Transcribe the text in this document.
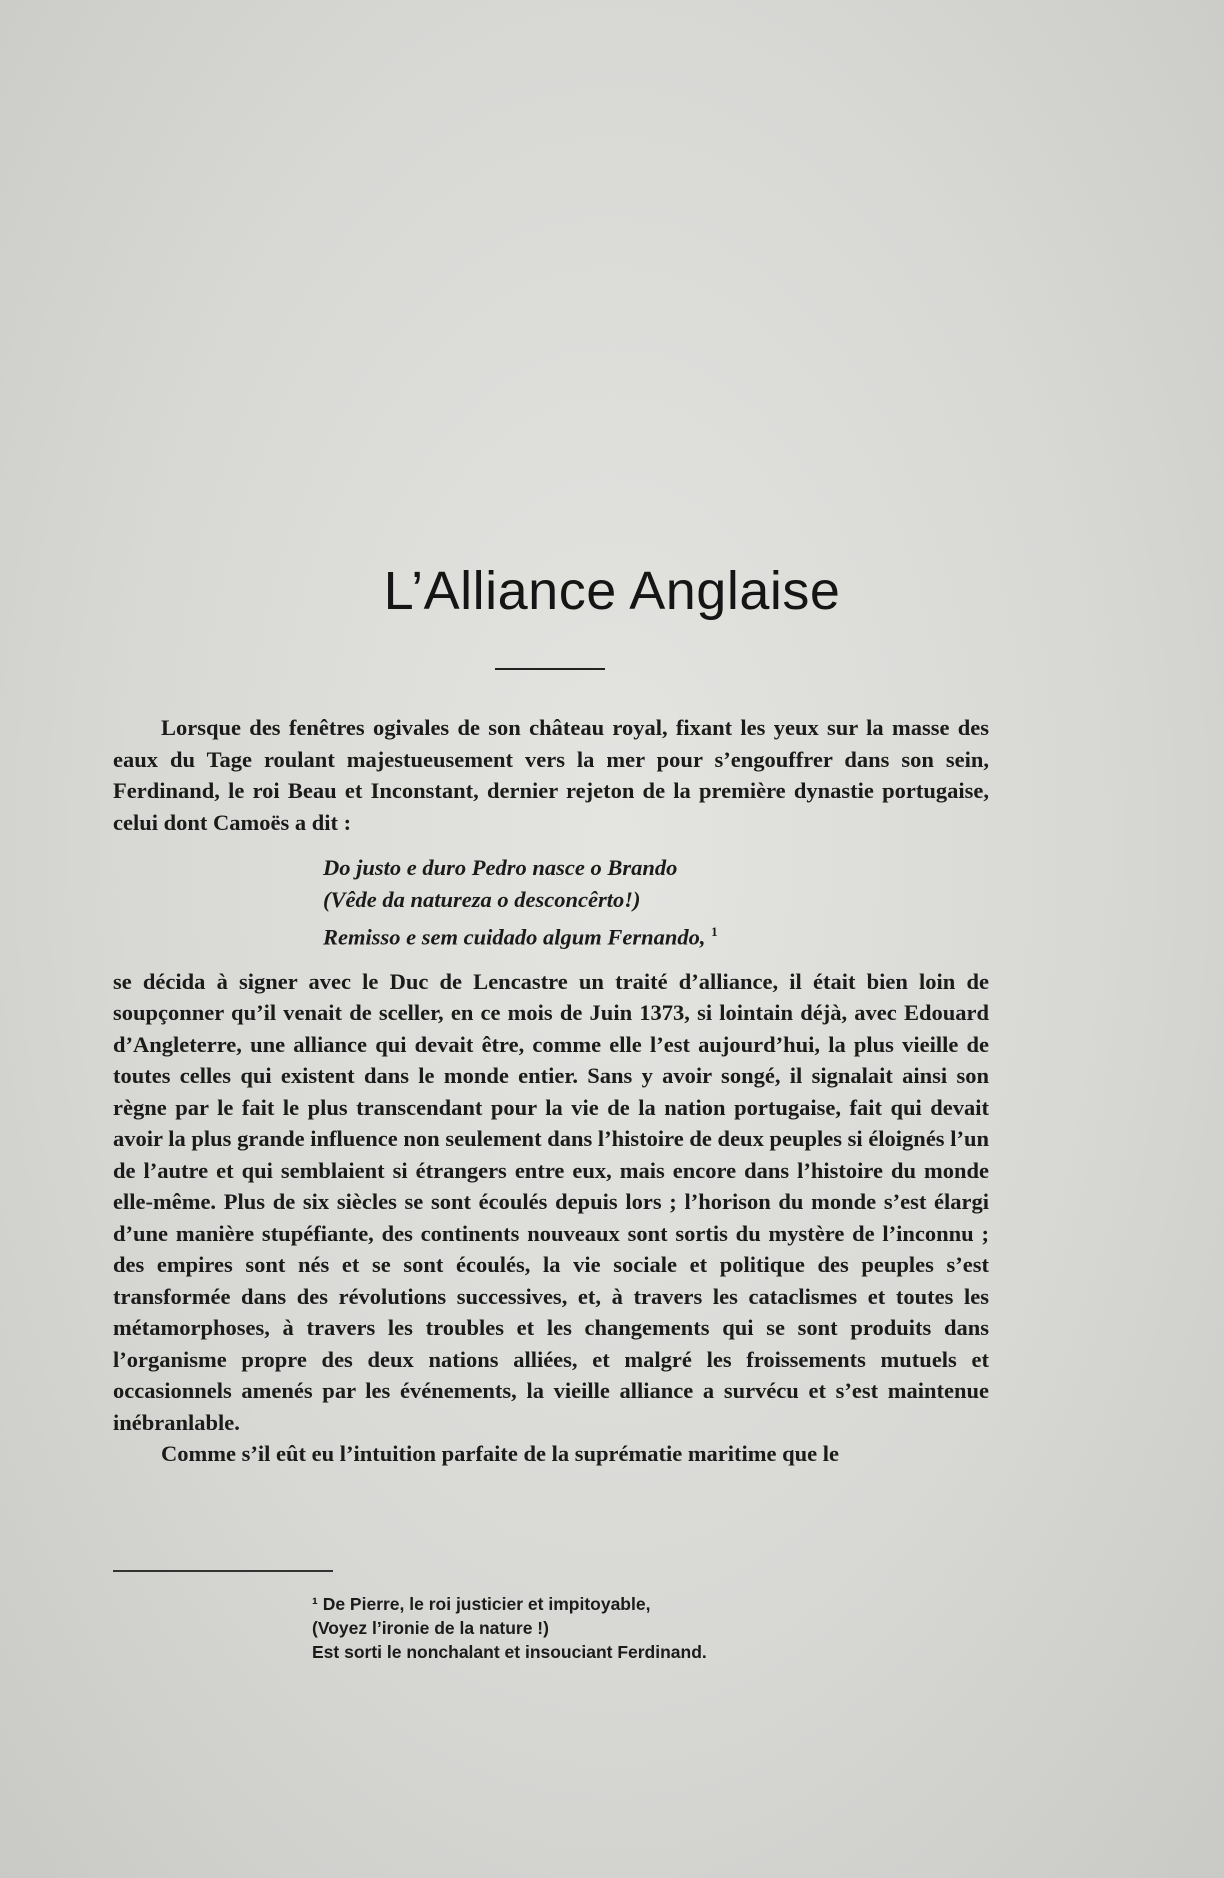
L’Alliance Anglaise

Lorsque des fenêtres ogivales de son château royal, fixant les yeux sur la masse des eaux du Tage roulant majestueusement vers la mer pour s’engouffrer dans son sein, Ferdinand, le roi Beau et Inconstant, dernier rejeton de la première dynastie portugaise, celui dont Camoës a dit :

Do justo e duro Pedro nasce o Brando
(Vêde da natureza o desconcêrto!)
Remisso e sem cuidado algum Fernando, $^1$

se décida à signer avec le Duc de Lencastre un traité d’alliance, il était bien loin de soupçonner qu’il venait de sceller, en ce mois de Juin 1373, si lointain déjà, avec Edouard d’Angleterre, une alliance qui devait être, comme elle l’est aujourd’hui, la plus vieille de toutes celles qui existent dans le monde entier. Sans y avoir songé, il signalait ainsi son règne par le fait le plus transcendant pour la vie de la nation portugaise, fait qui devait avoir la plus grande influence non seulement dans l’histoire de deux peuples si éloignés l’un de l’autre et qui semblaient si étrangers entre eux, mais encore dans l’histoire du monde elle-même. Plus de six siècles se sont écoulés depuis lors ; l’horison du monde s’est élargi d’une manière stupéfiante, des continents nouveaux sont sortis du mystère de l’inconnu ; des empires sont nés et se sont écoulés, la vie sociale et politique des peuples s’est transformée dans des révolutions successives, et, à travers les cataclismes et toutes les métamorphoses, à travers les troubles et les changements qui se sont produits dans l’organisme propre des deux nations alliées, et malgré les froissements mutuels et occasionnels amenés par les événements, la vieille alliance a survécu et s’est maintenue inébranlable.

Comme s’il eût eu l’intuition parfaite de la suprématie maritime que le

¹ De Pierre, le roi justicier et impitoyable,
(Voyez l’ironie de la nature !)
Est sorti le nonchalant et insouciant Ferdinand.
